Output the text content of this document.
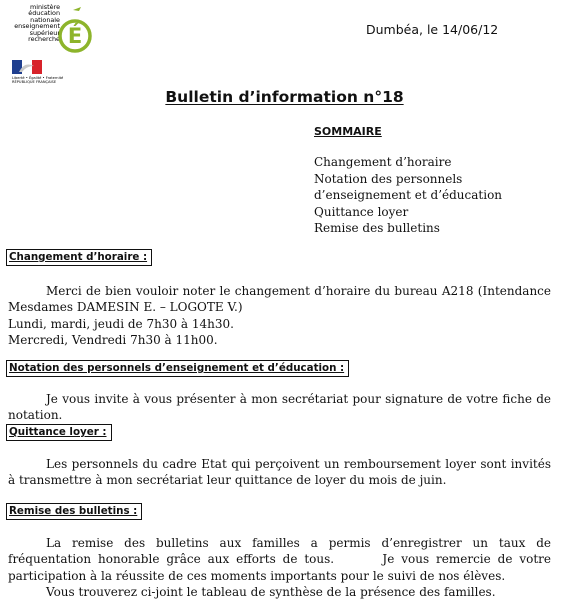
ministère
éducation
nationale
enseignement
supérieur
recherche É
Liberté • Égalité • Fraternité
RÉPUBLIQUE FRANÇAISE
Dumbéa, le 14/06/12
Bulletin d’information n°18
SOMMAIRE
Changement d’horaire
Notation des personnels d’enseignement et d’éducation
Quittance loyer
Remise des bulletins
Changement d’horaire :
Merci de bien vouloir noter le changement d’horaire du bureau A218 (Intendance Mesdames DAMESIN E. – LOGOTE V.)
Lundi, mardi, jeudi de 7h30 à 14h30.
Mercredi, Vendredi 7h30 à 11h00.
Notation des personnels d’enseignement et d’éducation :
Je vous invite à vous présenter à mon secrétariat pour signature de votre fiche de notation.
Quittance loyer :
Les personnels du cadre Etat qui perçoivent un remboursement loyer sont invités à transmettre à mon secrétariat leur quittance de loyer du mois de juin.
Remise des bulletins :
La remise des bulletins aux familles a permis d’enregistrer un taux de fréquentation honorable grâce aux efforts de tous.	Je vous remercie de votre participation à la réussite de ces moments importants pour le suivi de nos élèves.
Vous trouverez ci-joint le tableau de synthèse de la présence des familles.
